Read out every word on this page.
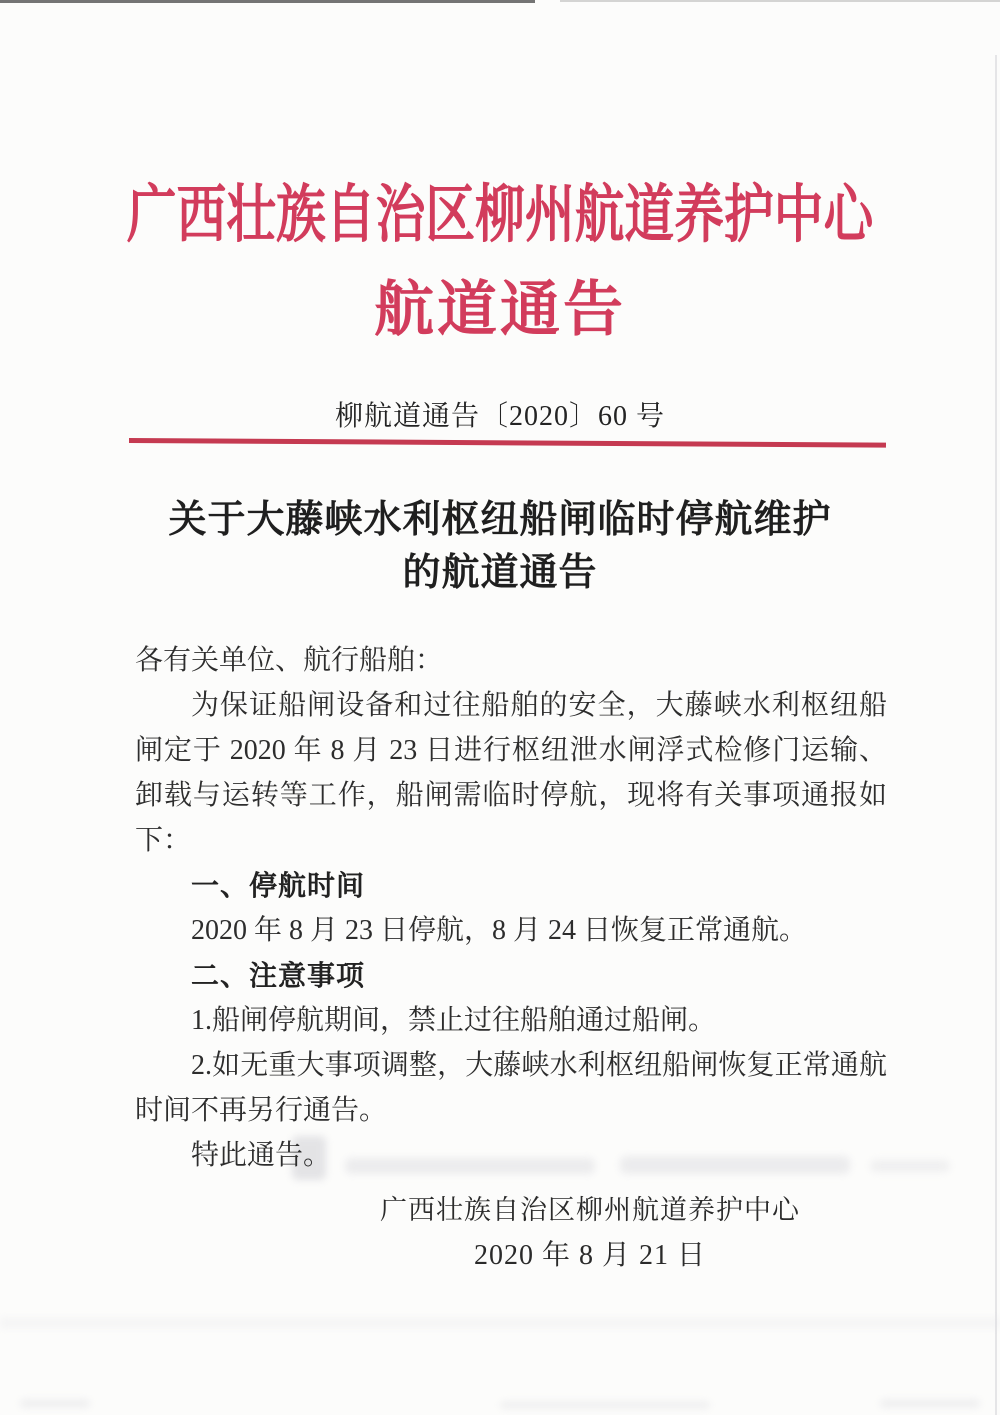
广西壮族自治区柳州航道养护中心
航道通告
柳航道通告〔2020〕60 号
关于大藤峡水利枢纽船闸临时停航维护
的航道通告
各有关单位、航行船舶：
为保证船闸设备和过往船舶的安全，大藤峡水利枢纽船闸定于 2020 年 8 月 23 日进行枢纽泄水闸浮式检修门运输、卸载与运转等工作，船闸需临时停航，现将有关事项通报如下：
一、停航时间
2020 年 8 月 23 日停航，8 月 24 日恢复正常通航。
二、注意事项
1.船闸停航期间，禁止过往船舶通过船闸。
2.如无重大事项调整，大藤峡水利枢纽船闸恢复正常通航时间不再另行通告。
特此通告。
广西壮族自治区柳州航道养护中心
2020 年 8 月 21 日
